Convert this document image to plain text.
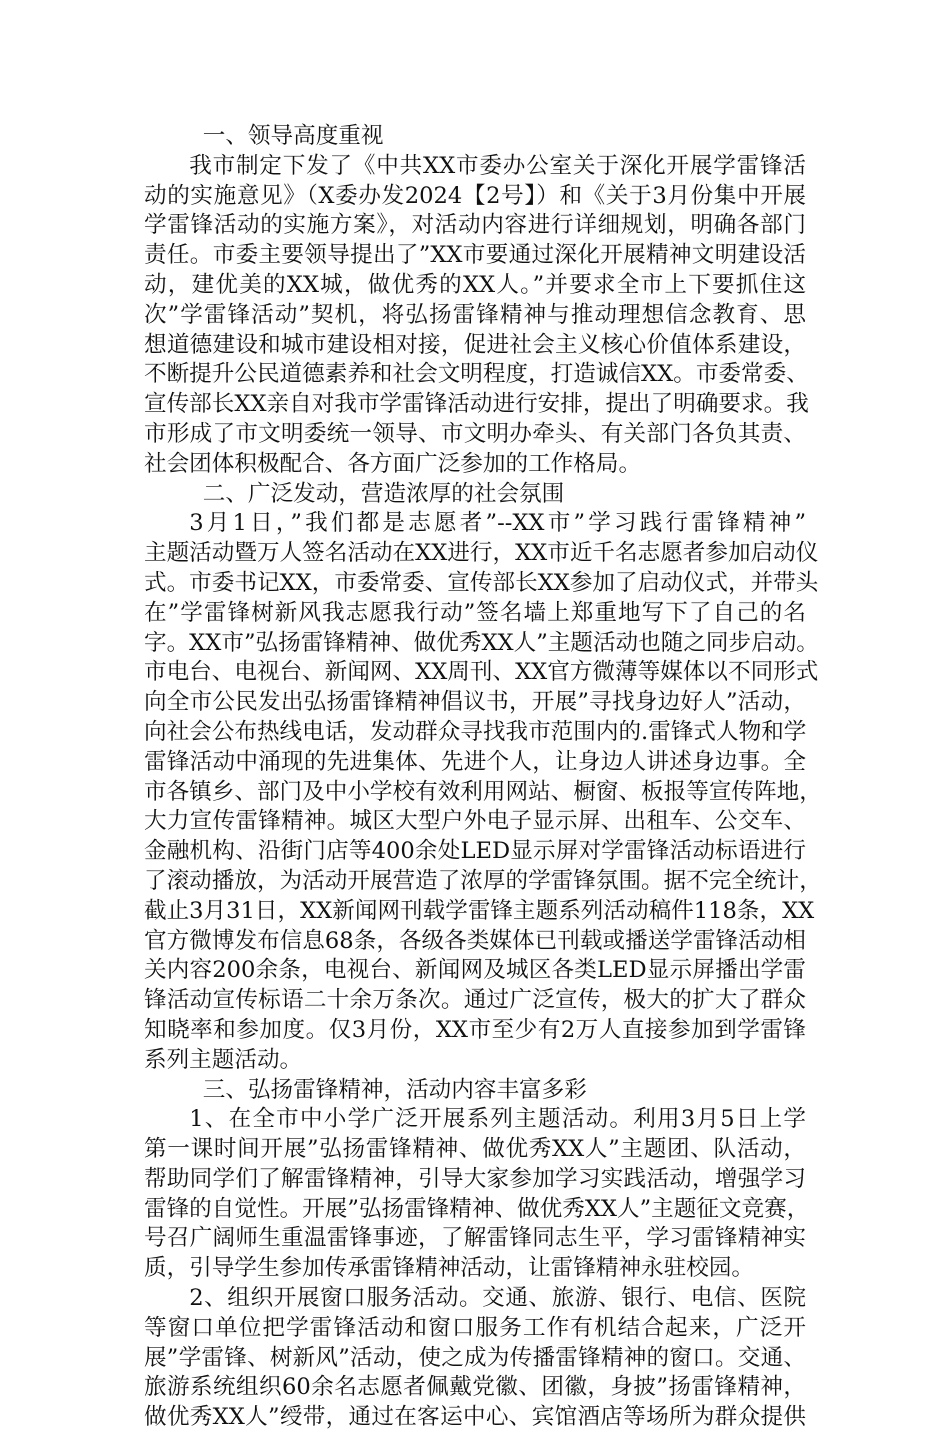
一、领导高度重视
我市制定下发了《中共XX市委办公室关于深化开展学雷锋活
动的实施意见》（X委办发2024【2号】）和《关于3月份集中开展
学雷锋活动的实施方案》，对活动内容进行详细规划，明确各部门
责任。市委主要领导提出了”XX市要通过深化开展精神文明建设活
动，建优美的XX城，做优秀的XX人。”并要求全市上下要抓住这
次”学雷锋活动”契机，将弘扬雷锋精神与推动理想信念教育、思
想道德建设和城市建设相对接，促进社会主义核心价值体系建设，
不断提升公民道德素养和社会文明程度，打造诚信XX。市委常委、
宣传部长XX亲自对我市学雷锋活动进行安排，提出了明确要求。我
市形成了市文明委统一领导、市文明办牵头、有关部门各负其责、
社会团体积极配合、各方面广泛参加的工作格局。
二、广泛发动，营造浓厚的社会氛围
3月1日，”我们都是志愿者”--XX市”学习践行雷锋精神”
主题活动暨万人签名活动在XX进行，XX市近千名志愿者参加启动仪
式。市委书记XX，市委常委、宣传部长XX参加了启动仪式，并带头
在”学雷锋树新风我志愿我行动”签名墙上郑重地写下了自己的名
字。XX市”弘扬雷锋精神、做优秀XX人”主题活动也随之同步启动。
市电台、电视台、新闻网、XX周刊、XX官方微薄等媒体以不同形式
向全市公民发出弘扬雷锋精神倡议书，开展”寻找身边好人”活动，
向社会公布热线电话，发动群众寻找我市范围内的.雷锋式人物和学
雷锋活动中涌现的先进集体、先进个人，让身边人讲述身边事。全
市各镇乡、部门及中小学校有效利用网站、橱窗、板报等宣传阵地，
大力宣传雷锋精神。城区大型户外电子显示屏、出租车、公交车、
金融机构、沿街门店等400余处LED显示屏对学雷锋活动标语进行
了滚动播放，为活动开展营造了浓厚的学雷锋氛围。据不完全统计，
截止3月31日，XX新闻网刊载学雷锋主题系列活动稿件118条，XX
官方微博发布信息68条，各级各类媒体已刊载或播送学雷锋活动相
关内容200余条，电视台、新闻网及城区各类LED显示屏播出学雷
锋活动宣传标语二十余万条次。通过广泛宣传，极大的扩大了群众
知晓率和参加度。仅3月份，XX市至少有2万人直接参加到学雷锋
系列主题活动。
三、弘扬雷锋精神，活动内容丰富多彩
1、在全市中小学广泛开展系列主题活动。利用3月5日上学
第一课时间开展”弘扬雷锋精神、做优秀XX人”主题团、队活动，
帮助同学们了解雷锋精神，引导大家参加学习实践活动，增强学习
雷锋的自觉性。开展”弘扬雷锋精神、做优秀XX人”主题征文竞赛，
号召广阔师生重温雷锋事迹，了解雷锋同志生平，学习雷锋精神实
质，引导学生参加传承雷锋精神活动，让雷锋精神永驻校园。
2、组织开展窗口服务活动。交通、旅游、银行、电信、医院
等窗口单位把学雷锋活动和窗口服务工作有机结合起来，广泛开
展”学雷锋、树新风”活动，使之成为传播雷锋精神的窗口。交通、
旅游系统组织60余名志愿者佩戴党徽、团徽，身披”扬雷锋精神，
做优秀XX人”绶带，通过在客运中心、宾馆酒店等场所为群众提供
